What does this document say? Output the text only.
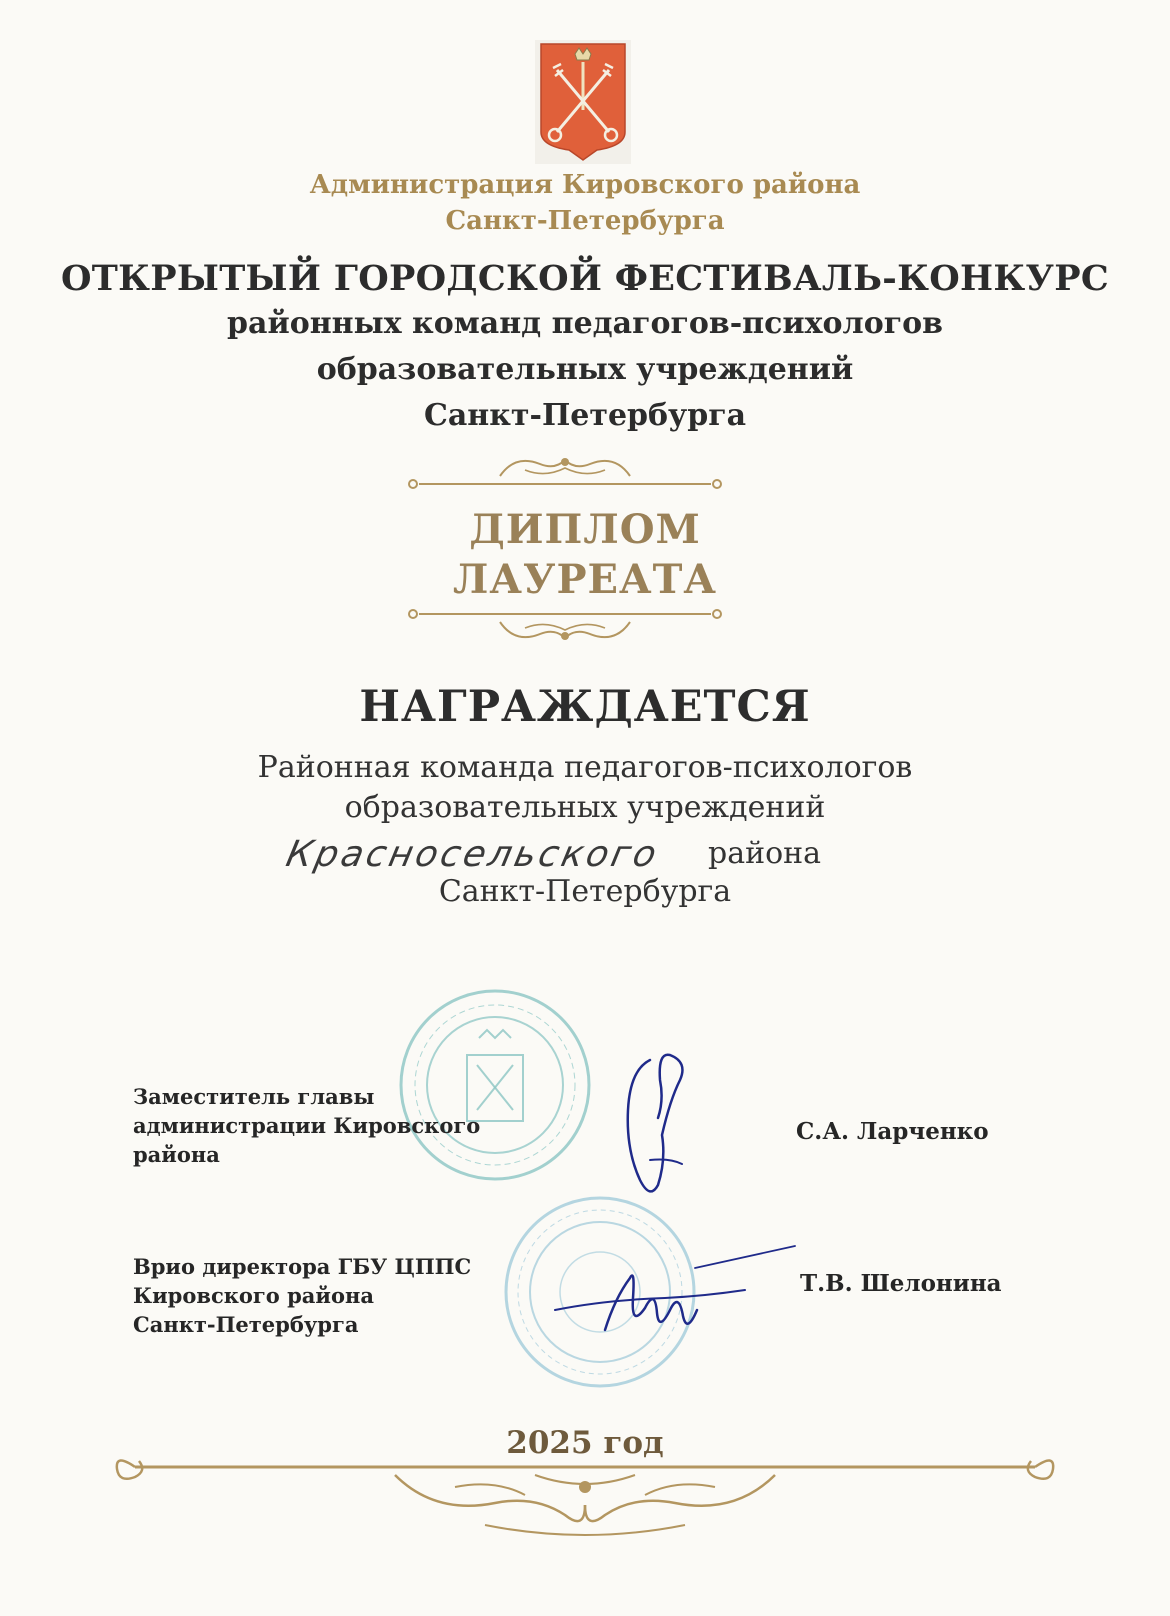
Администрация Кировского района
Санкт-Петербурга
ОТКРЫТЫЙ ГОРОДСКОЙ ФЕСТИВАЛЬ-КОНКУРС
районных команд педагогов-психологов
образовательных учреждений
Санкт-Петербурга
ДИПЛОМ
ЛАУРЕАТА
НАГРАЖДАЕТСЯ
Районная команда педагогов-психологов
образовательных учреждений
Красносельского района
Санкт-Петербурга
Заместитель главы
администрации Кировского
района
С.А. Ларченко
Врио директора ГБУ ЦППС
Кировского района
Санкт-Петербурга
Т.В. Шелонина
2025 год
